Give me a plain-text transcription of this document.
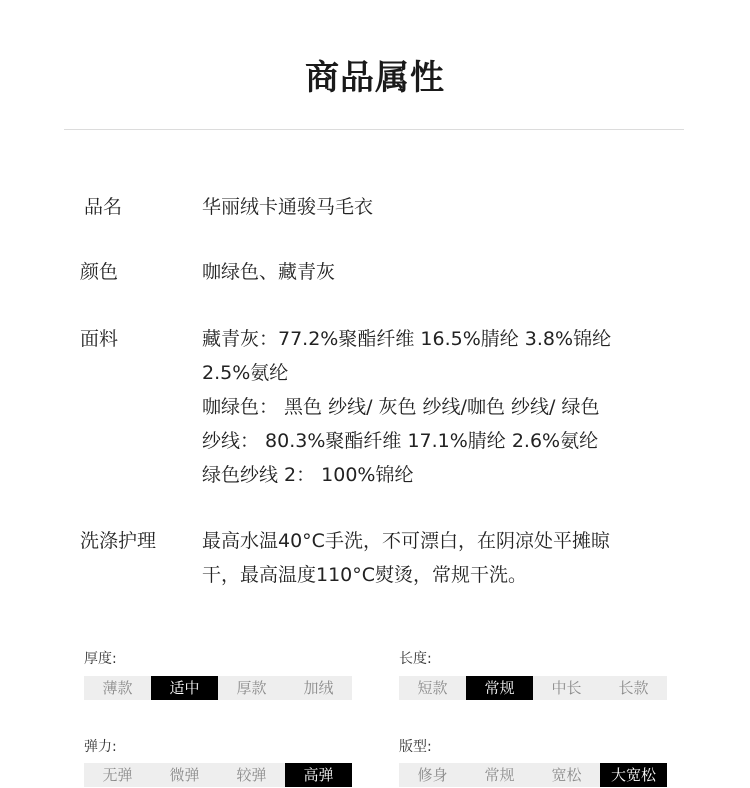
商品属性
品名	华丽绒卡通骏马毛衣
颜色	咖绿色、藏青灰
面料	藏青灰：77.2%聚酯纤维 16.5%腈纶 3.8%锦纶
2.5%氨纶
咖绿色： 黑色 纱线/ 灰色 纱线/咖色 纱线/ 绿色
纱线： 80.3%聚酯纤维 17.1%腈纶 2.6%氨纶
绿色纱线 2： 100%锦纶
洗涤护理 最高水温40°C手洗，不可漂白，在阴凉处平摊晾
干，最高温度110°C熨烫，常规干洗。
厚度:
薄款	适中	厚款	加绒
长度:
短款	常规	中长	长款
弹力:
无弹	微弹	较弹	高弹
版型:
修身	常规	宽松	大宽松
